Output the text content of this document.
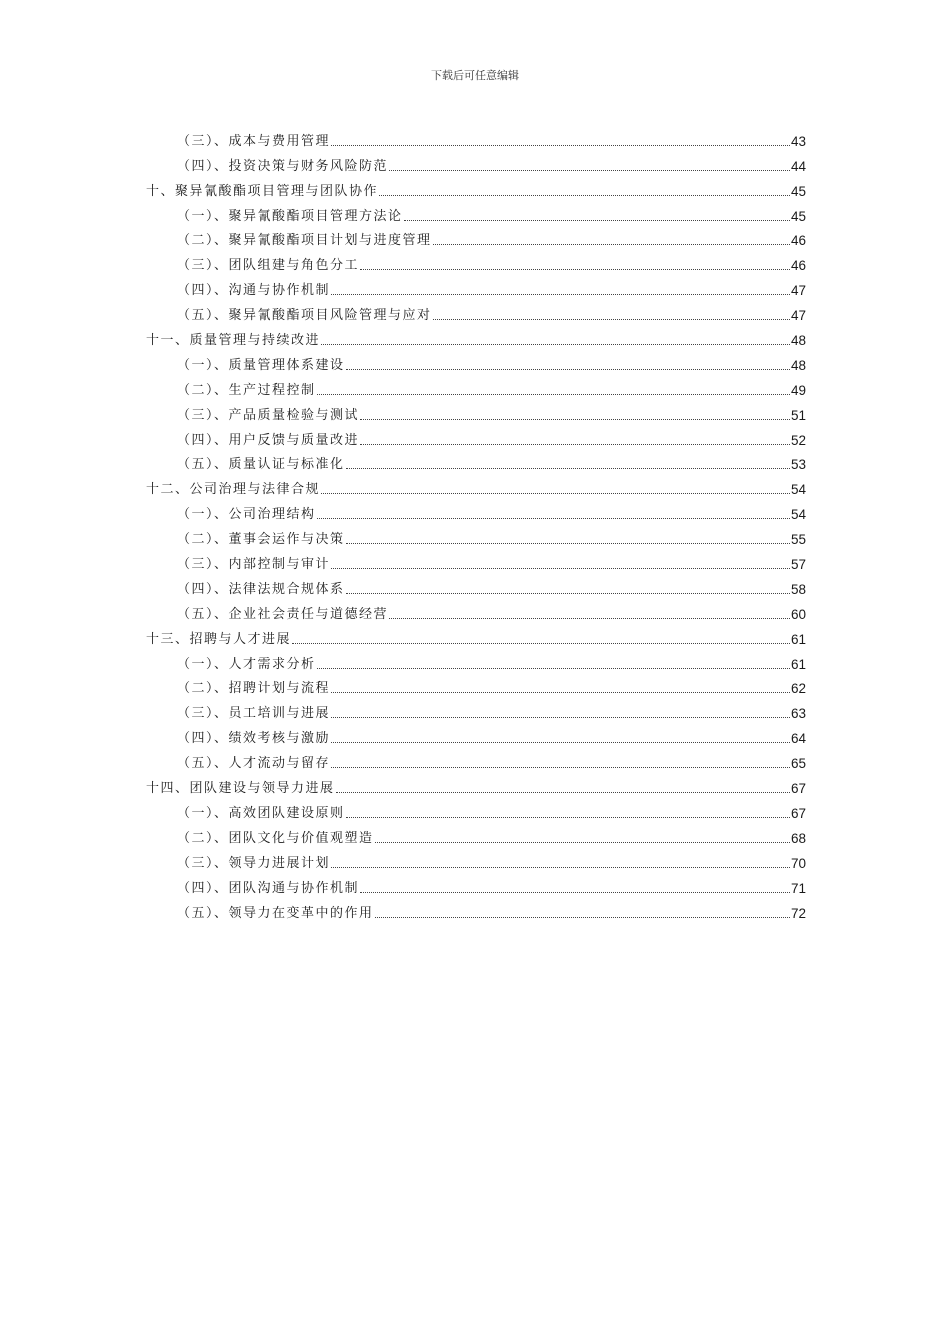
下载后可任意编辑
（三）、成本与费用管理	43
（四）、投资决策与财务风险防范	44
十、聚异氰酸酯项目管理与团队协作	45
（一）、聚异氰酸酯项目管理方法论	45
（二）、聚异氰酸酯项目计划与进度管理	46
（三）、团队组建与角色分工	46
（四）、沟通与协作机制	47
（五）、聚异氰酸酯项目风险管理与应对	47
十一、质量管理与持续改进	48
（一）、质量管理体系建设	48
（二）、生产过程控制	49
（三）、产品质量检验与测试	51
（四）、用户反馈与质量改进	52
（五）、质量认证与标准化	53
十二、公司治理与法律合规	54
（一）、公司治理结构	54
（二）、董事会运作与决策	55
（三）、内部控制与审计	57
（四）、法律法规合规体系	58
（五）、企业社会责任与道德经营	60
十三、招聘与人才进展	61
（一）、人才需求分析	61
（二）、招聘计划与流程	62
（三）、员工培训与进展	63
（四）、绩效考核与激励	64
（五）、人才流动与留存	65
十四、团队建设与领导力进展	67
（一）、高效团队建设原则	67
（二）、团队文化与价值观塑造	68
（三）、领导力进展计划	70
（四）、团队沟通与协作机制	71
（五）、领导力在变革中的作用	72
